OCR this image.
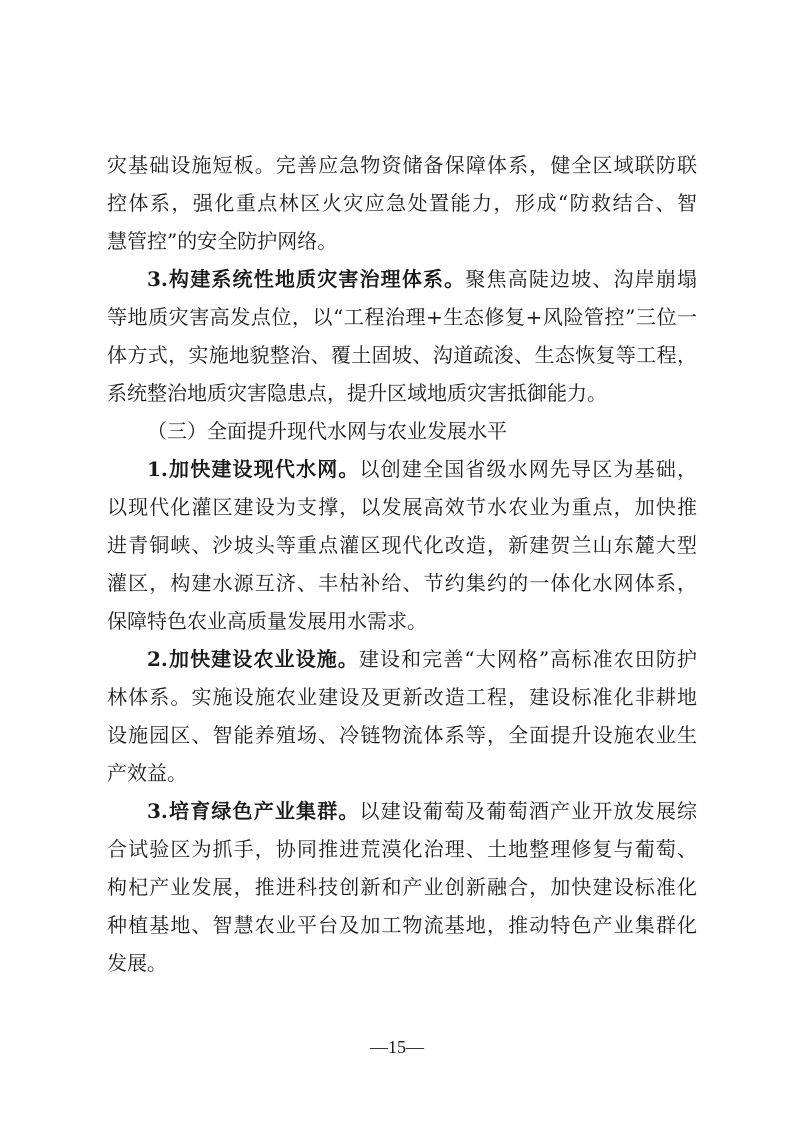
灾基础设施短板。完善应急物资储备保障体系，健全区域联防联
控体系，强化重点林区火灾应急处置能力，形成“防救结合、智
慧管控”的安全防护网络。
3.构建系统性地质灾害治理体系。聚焦高陡边坡、沟岸崩塌
等地质灾害高发点位，以“工程治理+生态修复+风险管控”三位一
体方式，实施地貌整治、覆土固坡、沟道疏浚、生态恢复等工程，
系统整治地质灾害隐患点，提升区域地质灾害抵御能力。
（三）全面提升现代水网与农业发展水平
1.加快建设现代水网。以创建全国省级水网先导区为基础，
以现代化灌区建设为支撑，以发展高效节水农业为重点，加快推
进青铜峡、沙坡头等重点灌区现代化改造，新建贺兰山东麓大型
灌区，构建水源互济、丰枯补给、节约集约的一体化水网体系，
保障特色农业高质量发展用水需求。
2.加快建设农业设施。建设和完善“大网格”高标准农田防护
林体系。实施设施农业建设及更新改造工程，建设标准化非耕地
设施园区、智能养殖场、冷链物流体系等，全面提升设施农业生
产效益。
3.培育绿色产业集群。以建设葡萄及葡萄酒产业开放发展综
合试验区为抓手，协同推进荒漠化治理、土地整理修复与葡萄、
枸杞产业发展，推进科技创新和产业创新融合，加快建设标准化
种植基地、智慧农业平台及加工物流基地，推动特色产业集群化
发展。
—15—
